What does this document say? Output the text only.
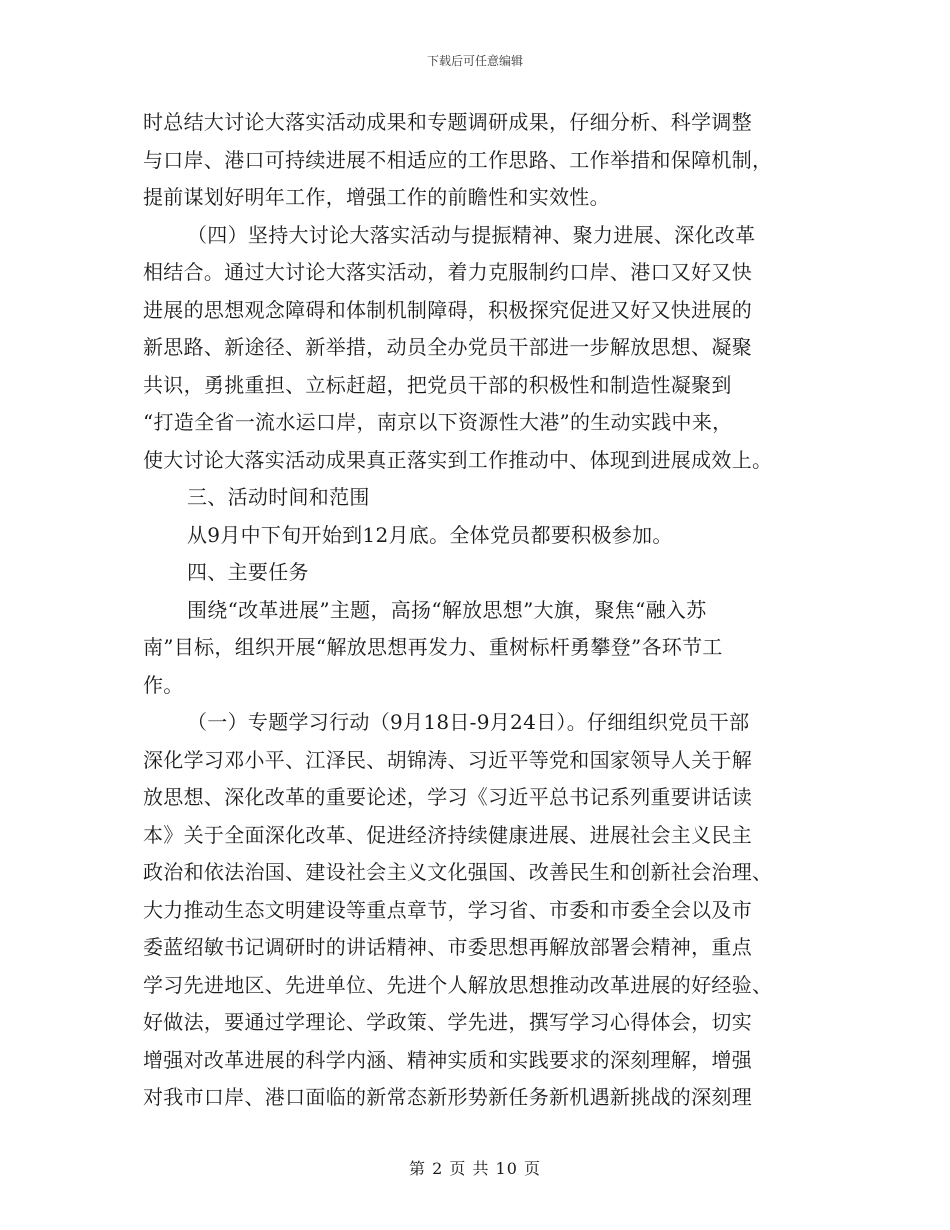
下载后可任意编辑
时总结大讨论大落实活动成果和专题调研成果，仔细分析、科学调整
与口岸、港口可持续进展不相适应的工作思路、工作举措和保障机制，
提前谋划好明年工作，增强工作的前瞻性和实效性。
（四）坚持大讨论大落实活动与提振精神、聚力进展、深化改革
相结合。通过大讨论大落实活动，着力克服制约口岸、港口又好又快
进展的思想观念障碍和体制机制障碍，积极探究促进又好又快进展的
新思路、新途径、新举措，动员全办党员干部进一步解放思想、凝聚
共识，勇挑重担、立标赶超，把党员干部的积极性和制造性凝聚到
“打造全省一流水运口岸，南京以下资源性大港”的生动实践中来，
使大讨论大落实活动成果真正落实到工作推动中、体现到进展成效上。
三、活动时间和范围
从9月中下旬开始到12月底。全体党员都要积极参加。
四、主要任务
围绕“改革进展”主题，高扬“解放思想”大旗，聚焦“融入苏
南”目标，组织开展“解放思想再发力、重树标杆勇攀登”各环节工
作。
（一）专题学习行动（9月18日-9月24日）。仔细组织党员干部
深化学习邓小平、江泽民、胡锦涛、习近平等党和国家领导人关于解
放思想、深化改革的重要论述，学习《习近平总书记系列重要讲话读
本》关于全面深化改革、促进经济持续健康进展、进展社会主义民主
政治和依法治国、建设社会主义文化强国、改善民生和创新社会治理、
大力推动生态文明建设等重点章节，学习省、市委和市委全会以及市
委蓝绍敏书记调研时的讲话精神、市委思想再解放部署会精神，重点
学习先进地区、先进单位、先进个人解放思想推动改革进展的好经验、
好做法，要通过学理论、学政策、学先进，撰写学习心得体会，切实
增强对改革进展的科学内涵、精神实质和实践要求的深刻理解，增强
对我市口岸、港口面临的新常态新形势新任务新机遇新挑战的深刻理
第 2 页 共 10 页
